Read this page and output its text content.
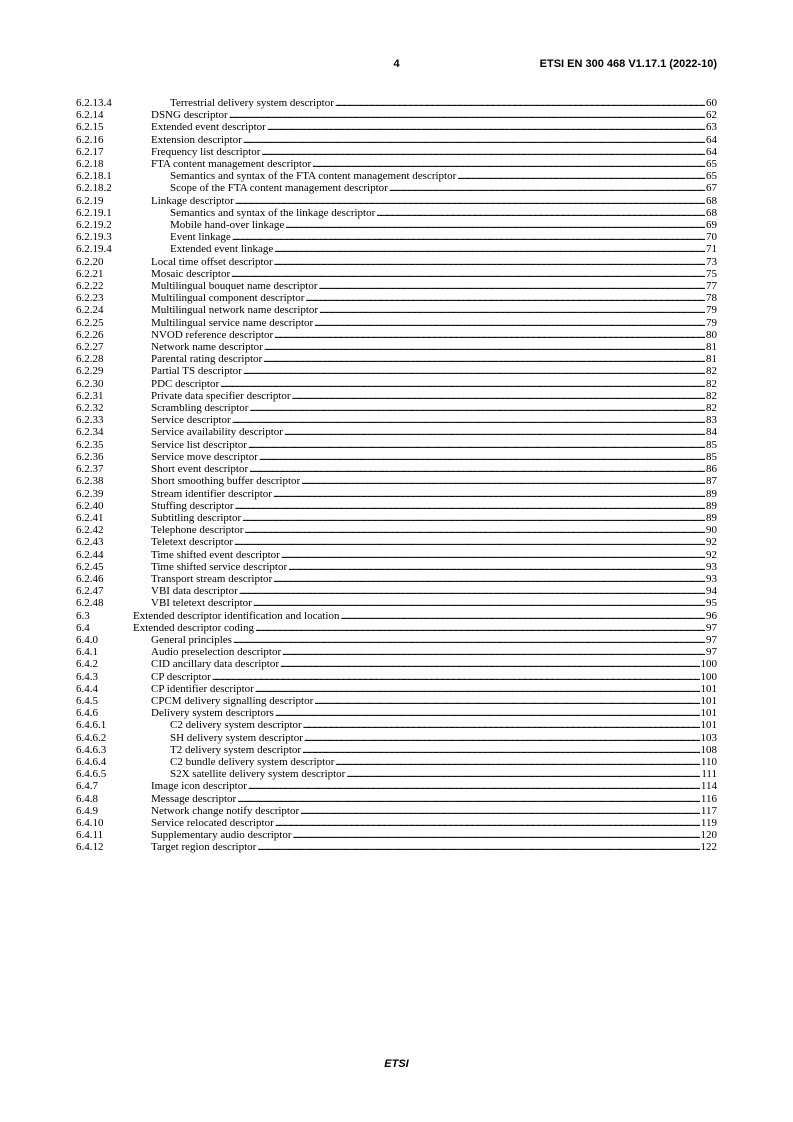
4	ETSI EN 300 468 V1.17.1 (2022-10)
6.2.13.4	Terrestrial delivery system descriptor . . .	60
6.2.14	DSNG descriptor . . .	62
6.2.15	Extended event descriptor . . .	63
6.2.16	Extension descriptor . . .	64
6.2.17	Frequency list descriptor . . .	64
6.2.18	FTA content management descriptor . . .	65
6.2.18.1	Semantics and syntax of the FTA content management descriptor . . .	65
6.2.18.2	Scope of the FTA content management descriptor . . .	67
6.2.19	Linkage descriptor . . .	68
6.2.19.1	Semantics and syntax of the linkage descriptor . . .	68
6.2.19.2	Mobile hand-over linkage . . .	69
6.2.19.3	Event linkage . . .	70
6.2.19.4	Extended event linkage . . .	71
6.2.20	Local time offset descriptor . . .	73
6.2.21	Mosaic descriptor . . .	75
6.2.22	Multilingual bouquet name descriptor . . .	77
6.2.23	Multilingual component descriptor . . .	78
6.2.24	Multilingual network name descriptor . . .	79
6.2.25	Multilingual service name descriptor . . .	79
6.2.26	NVOD reference descriptor . . .	80
6.2.27	Network name descriptor . . .	81
6.2.28	Parental rating descriptor . . .	81
6.2.29	Partial TS descriptor . . .	82
6.2.30	PDC descriptor . . .	82
6.2.31	Private data specifier descriptor . . .	82
6.2.32	Scrambling descriptor . . .	82
6.2.33	Service descriptor . . .	83
6.2.34	Service availability descriptor . . .	84
6.2.35	Service list descriptor . . .	85
6.2.36	Service move descriptor . . .	85
6.2.37	Short event descriptor . . .	86
6.2.38	Short smoothing buffer descriptor . . .	87
6.2.39	Stream identifier descriptor . . .	89
6.2.40	Stuffing descriptor . . .	89
6.2.41	Subtitling descriptor . . .	89
6.2.42	Telephone descriptor . . .	90
6.2.43	Teletext descriptor . . .	92
6.2.44	Time shifted event descriptor . . .	92
6.2.45	Time shifted service descriptor . . .	93
6.2.46	Transport stream descriptor . . .	93
6.2.47	VBI data descriptor . . .	94
6.2.48	VBI teletext descriptor . . .	95
6.3	Extended descriptor identification and location . . .	96
6.4	Extended descriptor coding . . .	97
6.4.0	General principles . . .	97
6.4.1	Audio preselection descriptor . . .	97
6.4.2	CID ancillary data descriptor . . .	100
6.4.3	CP descriptor . . .	100
6.4.4	CP identifier descriptor . . .	101
6.4.5	CPCM delivery signalling descriptor . . .	101
6.4.6	Delivery system descriptors . . .	101
6.4.6.1	C2 delivery system descriptor . . .	101
6.4.6.2	SH delivery system descriptor . . .	103
6.4.6.3	T2 delivery system descriptor . . .	108
6.4.6.4	C2 bundle delivery system descriptor . . .	110
6.4.6.5	S2X satellite delivery system descriptor . . .	111
6.4.7	Image icon descriptor . . .	114
6.4.8	Message descriptor . . .	116
6.4.9	Network change notify descriptor . . .	117
6.4.10	Service relocated descriptor . . .	119
6.4.11	Supplementary audio descriptor . . .	120
6.4.12	Target region descriptor . . .	122
ETSI
